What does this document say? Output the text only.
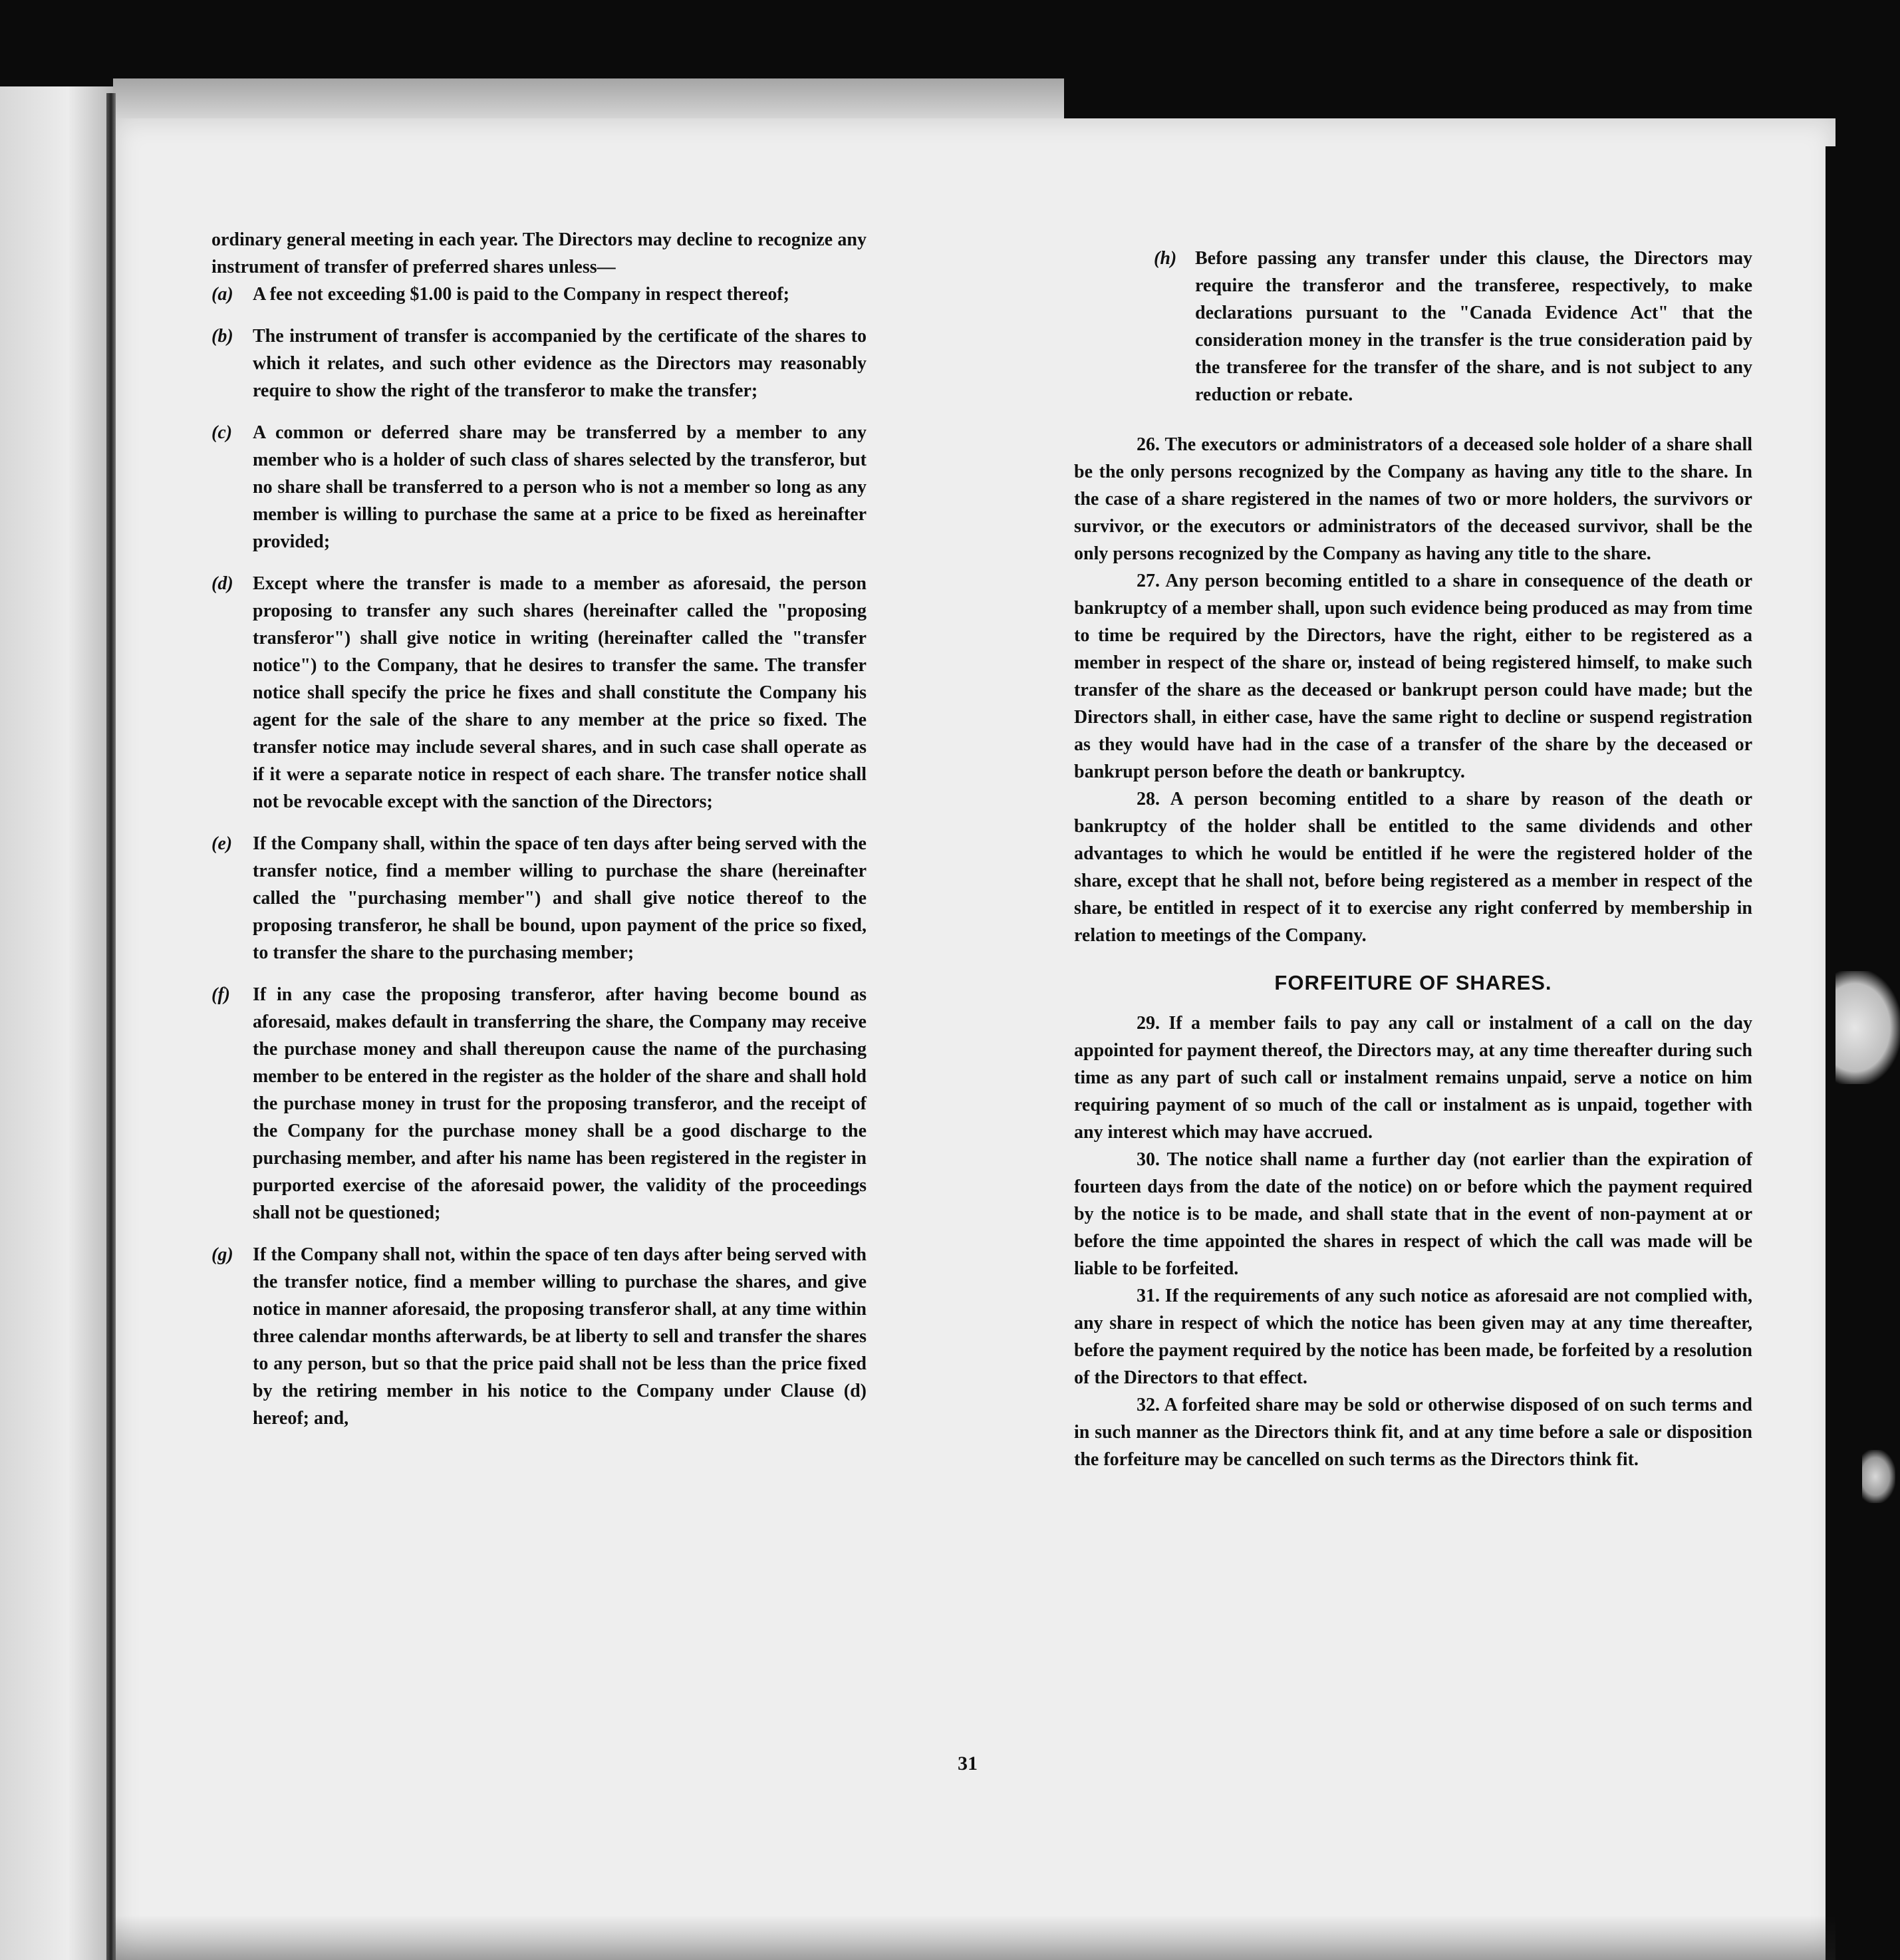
ordinary general meeting in each year. The Directors may decline to recognize any instrument of transfer of preferred shares unless—

(a)	A fee not exceeding $1.00 is paid to the Company in respect thereof;
(b)	The instrument of transfer is accompanied by the certificate of the shares to which it relates, and such other evidence as the Directors may reasonably require to show the right of the transferor to make the transfer;
(c)	A common or deferred share may be transferred by a member to any member who is a holder of such class of shares selected by the transferor, but no share shall be transferred to a person who is not a member so long as any member is willing to purchase the same at a price to be fixed as hereinafter provided;
(d)	Except where the transfer is made to a member as aforesaid, the person proposing to transfer any such shares (hereinafter called the "proposing transferor") shall give notice in writing (hereinafter called the "transfer notice") to the Company, that he desires to transfer the same. The transfer notice shall specify the price he fixes and shall constitute the Company his agent for the sale of the share to any member at the price so fixed. The transfer notice may include several shares, and in such case shall operate as if it were a separate notice in respect of each share. The transfer notice shall not be revocable except with the sanction of the Directors;
(e)	If the Company shall, within the space of ten days after being served with the transfer notice, find a member willing to purchase the share (hereinafter called the "purchasing member") and shall give notice thereof to the proposing transferor, he shall be bound, upon payment of the price so fixed, to transfer the share to the purchasing member;
(f)	If in any case the proposing transferor, after having become bound as aforesaid, makes default in transferring the share, the Company may receive the purchase money and shall thereupon cause the name of the purchasing member to be entered in the register as the holder of the share and shall hold the purchase money in trust for the proposing transferor, and the receipt of the Company for the purchase money shall be a good discharge to the purchasing member, and after his name has been registered in the register in purported exercise of the aforesaid power, the validity of the proceedings shall not be questioned;
(g)	If the Company shall not, within the space of ten days after being served with the transfer notice, find a member willing to purchase the shares, and give notice in manner aforesaid, the proposing transferor shall, at any time within three calendar months afterwards, be at liberty to sell and transfer the shares to any person, but so that the price paid shall not be less than the price fixed by the retiring member in his notice to the Company under Clause (d) hereof; and,
(h) Before passing any transfer under this clause, the Directors may require the transferor and the transferee, respectively, to make declarations pursuant to the "Canada Evidence Act" that the consideration money in the transfer is the true consideration paid by the transferee for the transfer of the share, and is not subject to any reduction or rebate.

26. The executors or administrators of a deceased sole holder of a share shall be the only persons recognized by the Company as having any title to the share. In the case of a share registered in the names of two or more holders, the survivors or survivor, or the executors or administrators of the deceased survivor, shall be the only persons recognized by the Company as having any title to the share.

27. Any person becoming entitled to a share in consequence of the death or bankruptcy of a member shall, upon such evidence being produced as may from time to time be required by the Directors, have the right, either to be registered as a member in respect of the share or, instead of being registered himself, to make such transfer of the share as the deceased or bankrupt person could have made; but the Directors shall, in either case, have the same right to decline or suspend registration as they would have had in the case of a transfer of the share by the deceased or bankrupt person before the death or bankruptcy.

28. A person becoming entitled to a share by reason of the death or bankruptcy of the holder shall be entitled to the same dividends and other advantages to which he would be entitled if he were the registered holder of the share, except that he shall not, before being registered as a member in respect of the share, be entitled in respect of it to exercise any right conferred by membership in relation to meetings of the Company.

FORFEITURE OF SHARES.

29. If a member fails to pay any call or instalment of a call on the day appointed for payment thereof, the Directors may, at any time thereafter during such time as any part of such call or instalment remains unpaid, serve a notice on him requiring payment of so much of the call or instalment as is unpaid, together with any interest which may have accrued.

30. The notice shall name a further day (not earlier than the expiration of fourteen days from the date of the notice) on or before which the payment required by the notice is to be made, and shall state that in the event of non-payment at or before the time appointed the shares in respect of which the call was made will be liable to be forfeited.

31. If the requirements of any such notice as aforesaid are not complied with, any share in respect of which the notice has been given may at any time thereafter, before the payment required by the notice has been made, be forfeited by a resolution of the Directors to that effect.

32. A forfeited share may be sold or otherwise disposed of on such terms and in such manner as the Directors think fit, and at any time before a sale or disposition the forfeiture may be cancelled on such terms as the Directors think fit.

31
